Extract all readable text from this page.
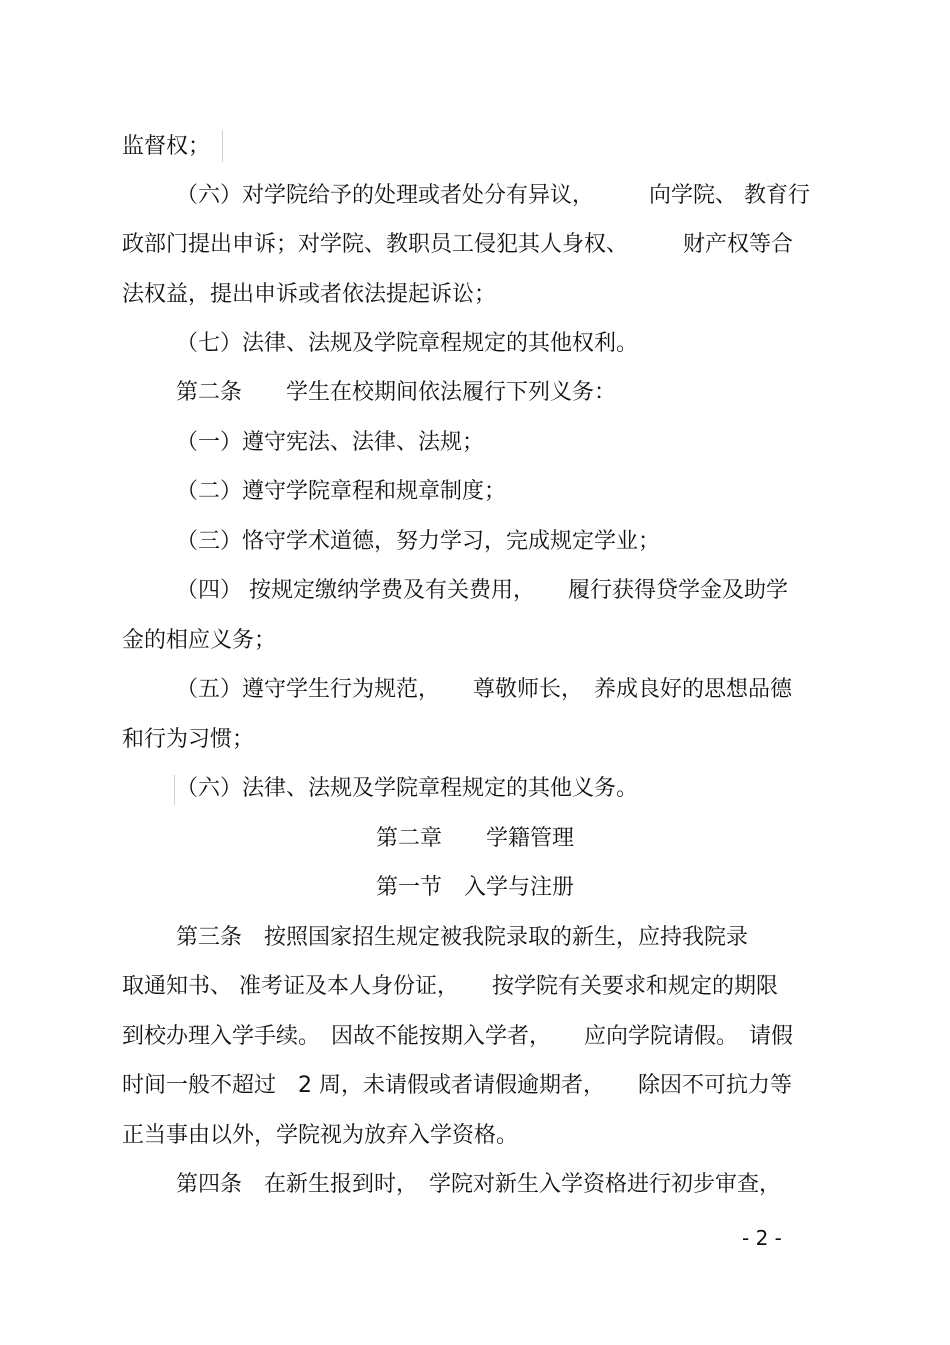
监督权；
（六）对学院给予的处理或者处分有异议，　　　向学院、 教育行
政部门提出申诉；对学院、教职员工侵犯其人身权、　　　财产权等合
法权益，提出申诉或者依法提起诉讼；
（七）法律、法规及学院章程规定的其他权利。
第二条　　学生在校期间依法履行下列义务：
（一）遵守宪法、法律、法规；
（二）遵守学院章程和规章制度；
（三）恪守学术道德，努力学习，完成规定学业；
（四） 按规定缴纳学费及有关费用，　　履行获得贷学金及助学
金的相应义务；
（五）遵守学生行为规范，　　尊敬师长，　养成良好的思想品德
和行为习惯；
（六）法律、法规及学院章程规定的其他义务。
第二章　　学籍管理
第一节　入学与注册
第三条　按照国家招生规定被我院录取的新生，应持我院录
取通知书、 准考证及本人身份证，　　按学院有关要求和规定的期限
到校办理入学手续。　因故不能按期入学者，　　应向学院请假。　请假
时间一般不超过　2 周，未请假或者请假逾期者，　　除因不可抗力等
正当事由以外，学院视为放弃入学资格。
第四条　在新生报到时，　学院对新生入学资格进行初步审查，
- 2 -
